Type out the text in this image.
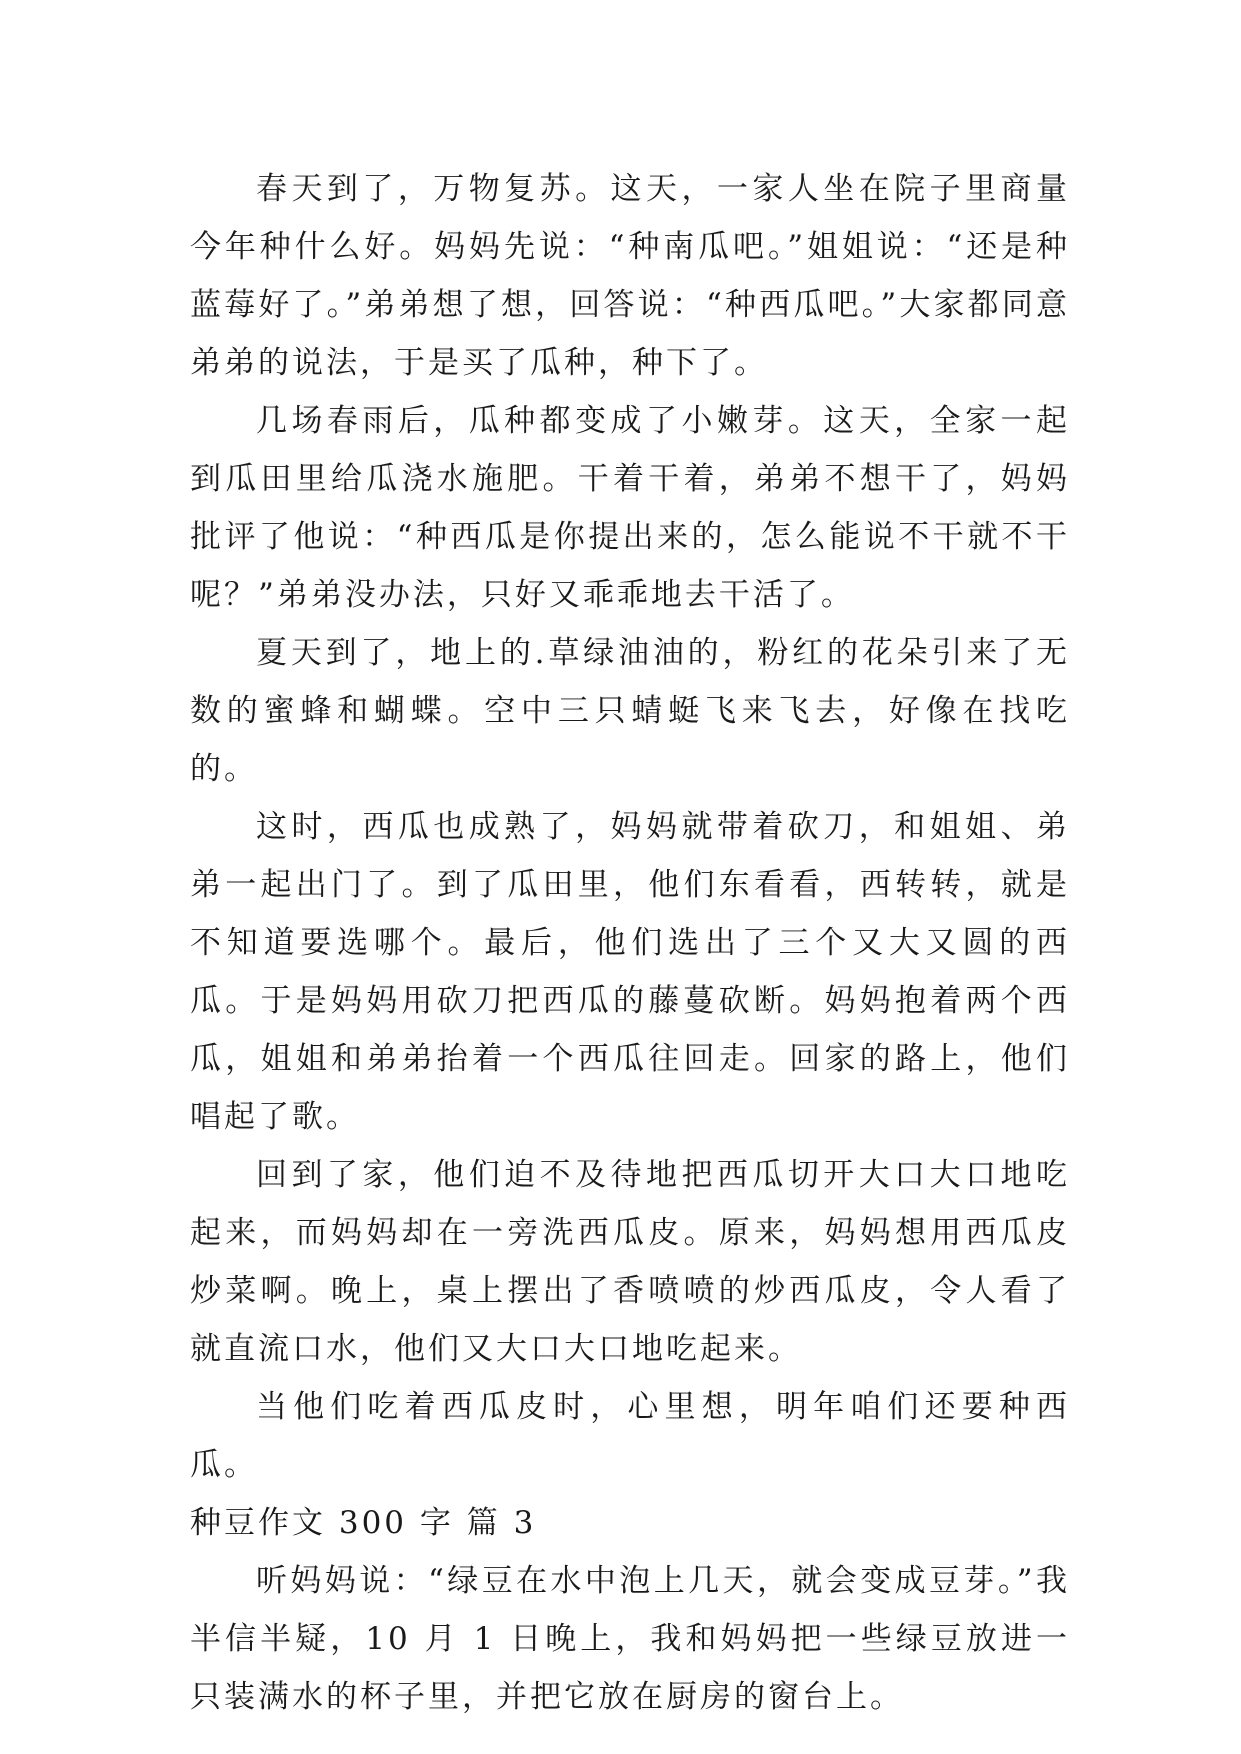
春天到了，万物复苏。这天，一家人坐在院子里商量今年种什么好。妈妈先说：“种南瓜吧。”姐姐说：“还是种蓝莓好了。”弟弟想了想，回答说：“种西瓜吧。”大家都同意弟弟的说法，于是买了瓜种，种下了。

几场春雨后，瓜种都变成了小嫩芽。这天，全家一起到瓜田里给瓜浇水施肥。干着干着，弟弟不想干了，妈妈批评了他说：“种西瓜是你提出来的，怎么能说不干就不干呢？”弟弟没办法，只好又乖乖地去干活了。

夏天到了，地上的.草绿油油的，粉红的花朵引来了无数的蜜蜂和蝴蝶。空中三只蜻蜓飞来飞去，好像在找吃的。

这时，西瓜也成熟了，妈妈就带着砍刀，和姐姐、弟弟一起出门了。到了瓜田里，他们东看看，西转转，就是不知道要选哪个。最后，他们选出了三个又大又圆的西瓜。于是妈妈用砍刀把西瓜的藤蔓砍断。妈妈抱着两个西瓜，姐姐和弟弟抬着一个西瓜往回走。回家的路上，他们唱起了歌。

回到了家，他们迫不及待地把西瓜切开大口大口地吃起来，而妈妈却在一旁洗西瓜皮。原来，妈妈想用西瓜皮炒菜啊。晚上，桌上摆出了香喷喷的炒西瓜皮，令人看了就直流口水，他们又大口大口地吃起来。

当他们吃着西瓜皮时，心里想，明年咱们还要种西瓜。

种豆作文 300 字 篇 3

听妈妈说：“绿豆在水中泡上几天，就会变成豆芽。”我半信半疑，10 月 1 日晚上，我和妈妈把一些绿豆放进一只装满水的杯子里，并把它放在厨房的窗台上。
